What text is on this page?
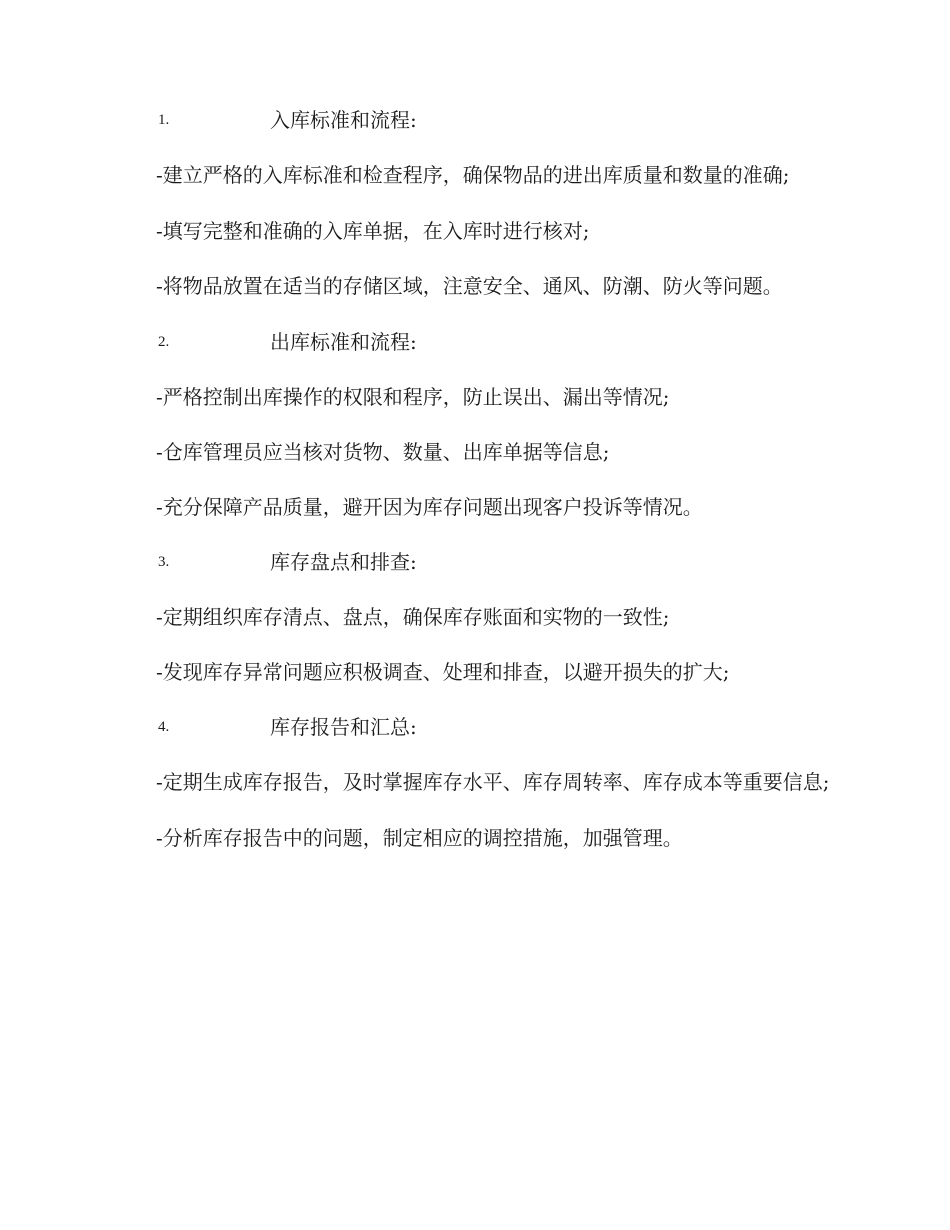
1.	入库标准和流程:

-建立严格的入库标准和检查程序，确保物品的进出库质量和数量的准确;

-填写完整和准确的入库单据，在入库时进行核对;

-将物品放置在适当的存储区域，注意安全、通风、防潮、防火等问题。

2.	出库标准和流程:

-严格控制出库操作的权限和程序，防止误出、漏出等情况;

-仓库管理员应当核对货物、数量、出库单据等信息;

-充分保障产品质量，避开因为库存问题出现客户投诉等情况。

3.	库存盘点和排查:

-定期组织库存清点、盘点，确保库存账面和实物的一致性;

-发现库存异常问题应积极调查、处理和排查，以避开损失的扩大;

4.	库存报告和汇总:

-定期生成库存报告，及时掌握库存水平、库存周转率、库存成本等重要信息;

-分析库存报告中的问题，制定相应的调控措施，加强管理。
